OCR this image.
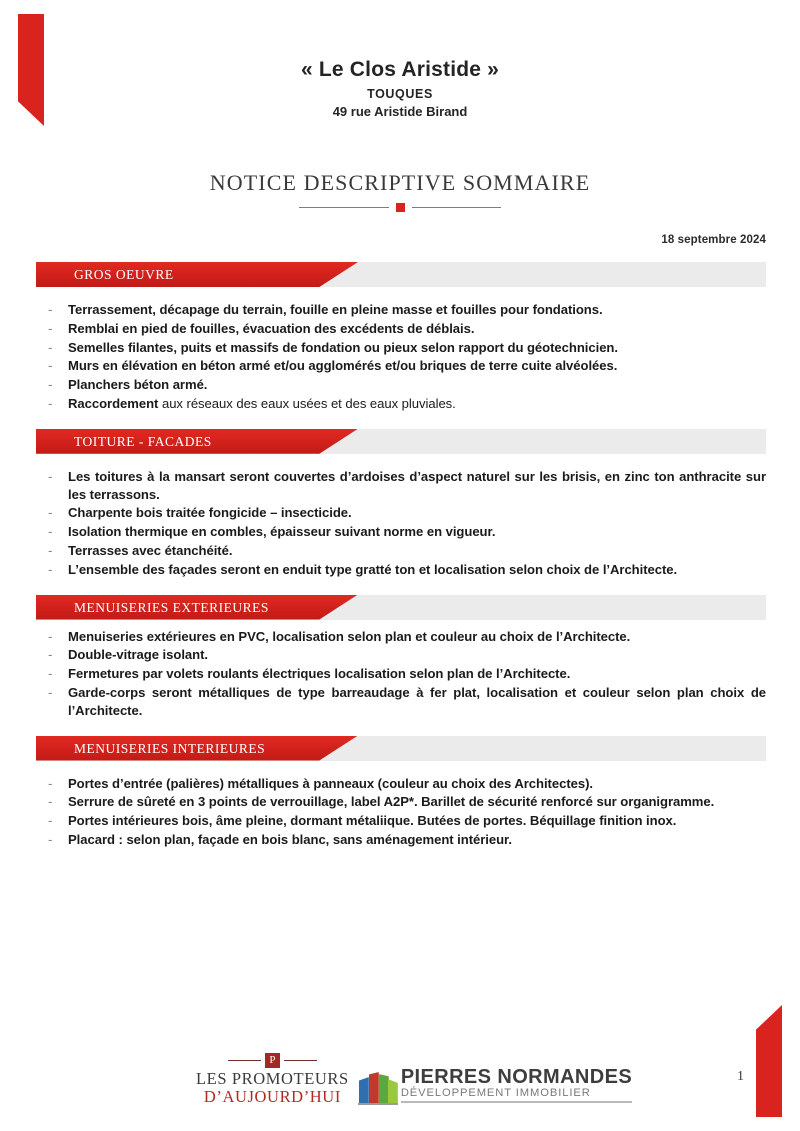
« Le Clos Aristide »
TOUQUES
49 rue Aristide Birand
NOTICE DESCRIPTIVE SOMMAIRE
18 septembre 2024
GROS OEUVRE
- Terrassement, décapage du terrain, fouille en pleine masse et fouilles pour fondations.
- Remblai en pied de fouilles, évacuation des excédents de déblais.
- Semelles filantes, puits et massifs de fondation ou pieux selon rapport du géotechnicien.
- Murs en élévation en béton armé et/ou agglomérés et/ou briques de terre cuite alvéolées.
- Planchers béton armé.
- Raccordement aux réseaux des eaux usées et des eaux pluviales.
TOITURE - FACADES
- Les toitures à la mansart seront couvertes d’ardoises d’aspect naturel sur les brisis, en zinc ton anthracite sur les terrassons.
- Charpente bois traitée fongicide – insecticide.
- Isolation thermique en combles, épaisseur suivant norme en vigueur.
- Terrasses avec étanchéité.
- L’ensemble des façades seront en enduit type gratté ton et localisation selon choix de l’Architecte.
MENUISERIES EXTERIEURES
- Menuiseries extérieures en PVC, localisation selon plan et couleur au choix de l’Architecte.
- Double-vitrage isolant.
- Fermetures par volets roulants électriques localisation selon plan de l’Architecte.
- Garde-corps seront métalliques de type barreaudage à fer plat, localisation et couleur selon plan choix de l’Architecte.
MENUISERIES INTERIEURES
- Portes d’entrée (palières) métalliques à panneaux (couleur au choix des Architectes).
- Serrure de sûreté en 3 points de verrouillage, label A2P*. Barillet de sécurité renforcé sur organigramme.
- Portes intérieures bois, âme pleine, dormant métaliique. Butées de portes. Béquillage finition inox.
- Placard : selon plan, façade en bois blanc, sans aménagement intérieur.
P
LES PROMOTEURS
D’AUJOURD’HUI
PIERRES NORMANDES
DÉVELOPPEMENT IMMOBILIER
1
